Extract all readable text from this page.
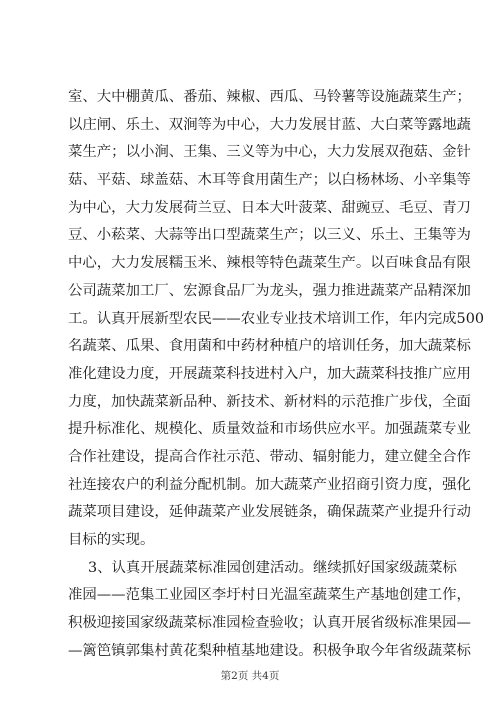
室、大中棚黄瓜、番茄、辣椒、西瓜、马铃薯等设施蔬菜生产；
以庄闸、乐土、双涧等为中心，大力发展甘蓝、大白菜等露地蔬
菜生产；以小涧、王集、三义等为中心，大力发展双孢菇、金针
菇、平菇、球盖菇、木耳等食用菌生产；以白杨林场、小辛集等
为中心，大力发展荷兰豆、日本大叶菠菜、甜豌豆、毛豆、青刀
豆、小菘菜、大蒜等出口型蔬菜生产；以三义、乐土、王集等为
中心，大力发展糯玉米、辣根等特色蔬菜生产。以百味食品有限
公司蔬菜加工厂、宏源食品厂为龙头，强力推进蔬菜产品精深加
工。认真开展新型农民——农业专业技术培训工作，年内完成500
名蔬菜、瓜果、食用菌和中药材种植户的培训任务，加大蔬菜标
准化建设力度，开展蔬菜科技进村入户，加大蔬菜科技推广应用
力度，加快蔬菜新品种、新技术、新材料的示范推广步伐，全面
提升标准化、规模化、质量效益和市场供应水平。加强蔬菜专业
合作社建设，提高合作社示范、带动、辐射能力，建立健全合作
社连接农户的利益分配机制。加大蔬菜产业招商引资力度，强化
蔬菜项目建设，延伸蔬菜产业发展链条，确保蔬菜产业提升行动
目标的实现。
3、认真开展蔬菜标准园创建活动。继续抓好国家级蔬菜标
准园——范集工业园区李圩村日光温室蔬菜生产基地创建工作，
积极迎接国家级蔬菜标准园检查验收；认真开展省级标准果园—
—篱笆镇郭集村黄花梨种植基地建设。积极争取今年省级蔬菜标
第2页 共4页
